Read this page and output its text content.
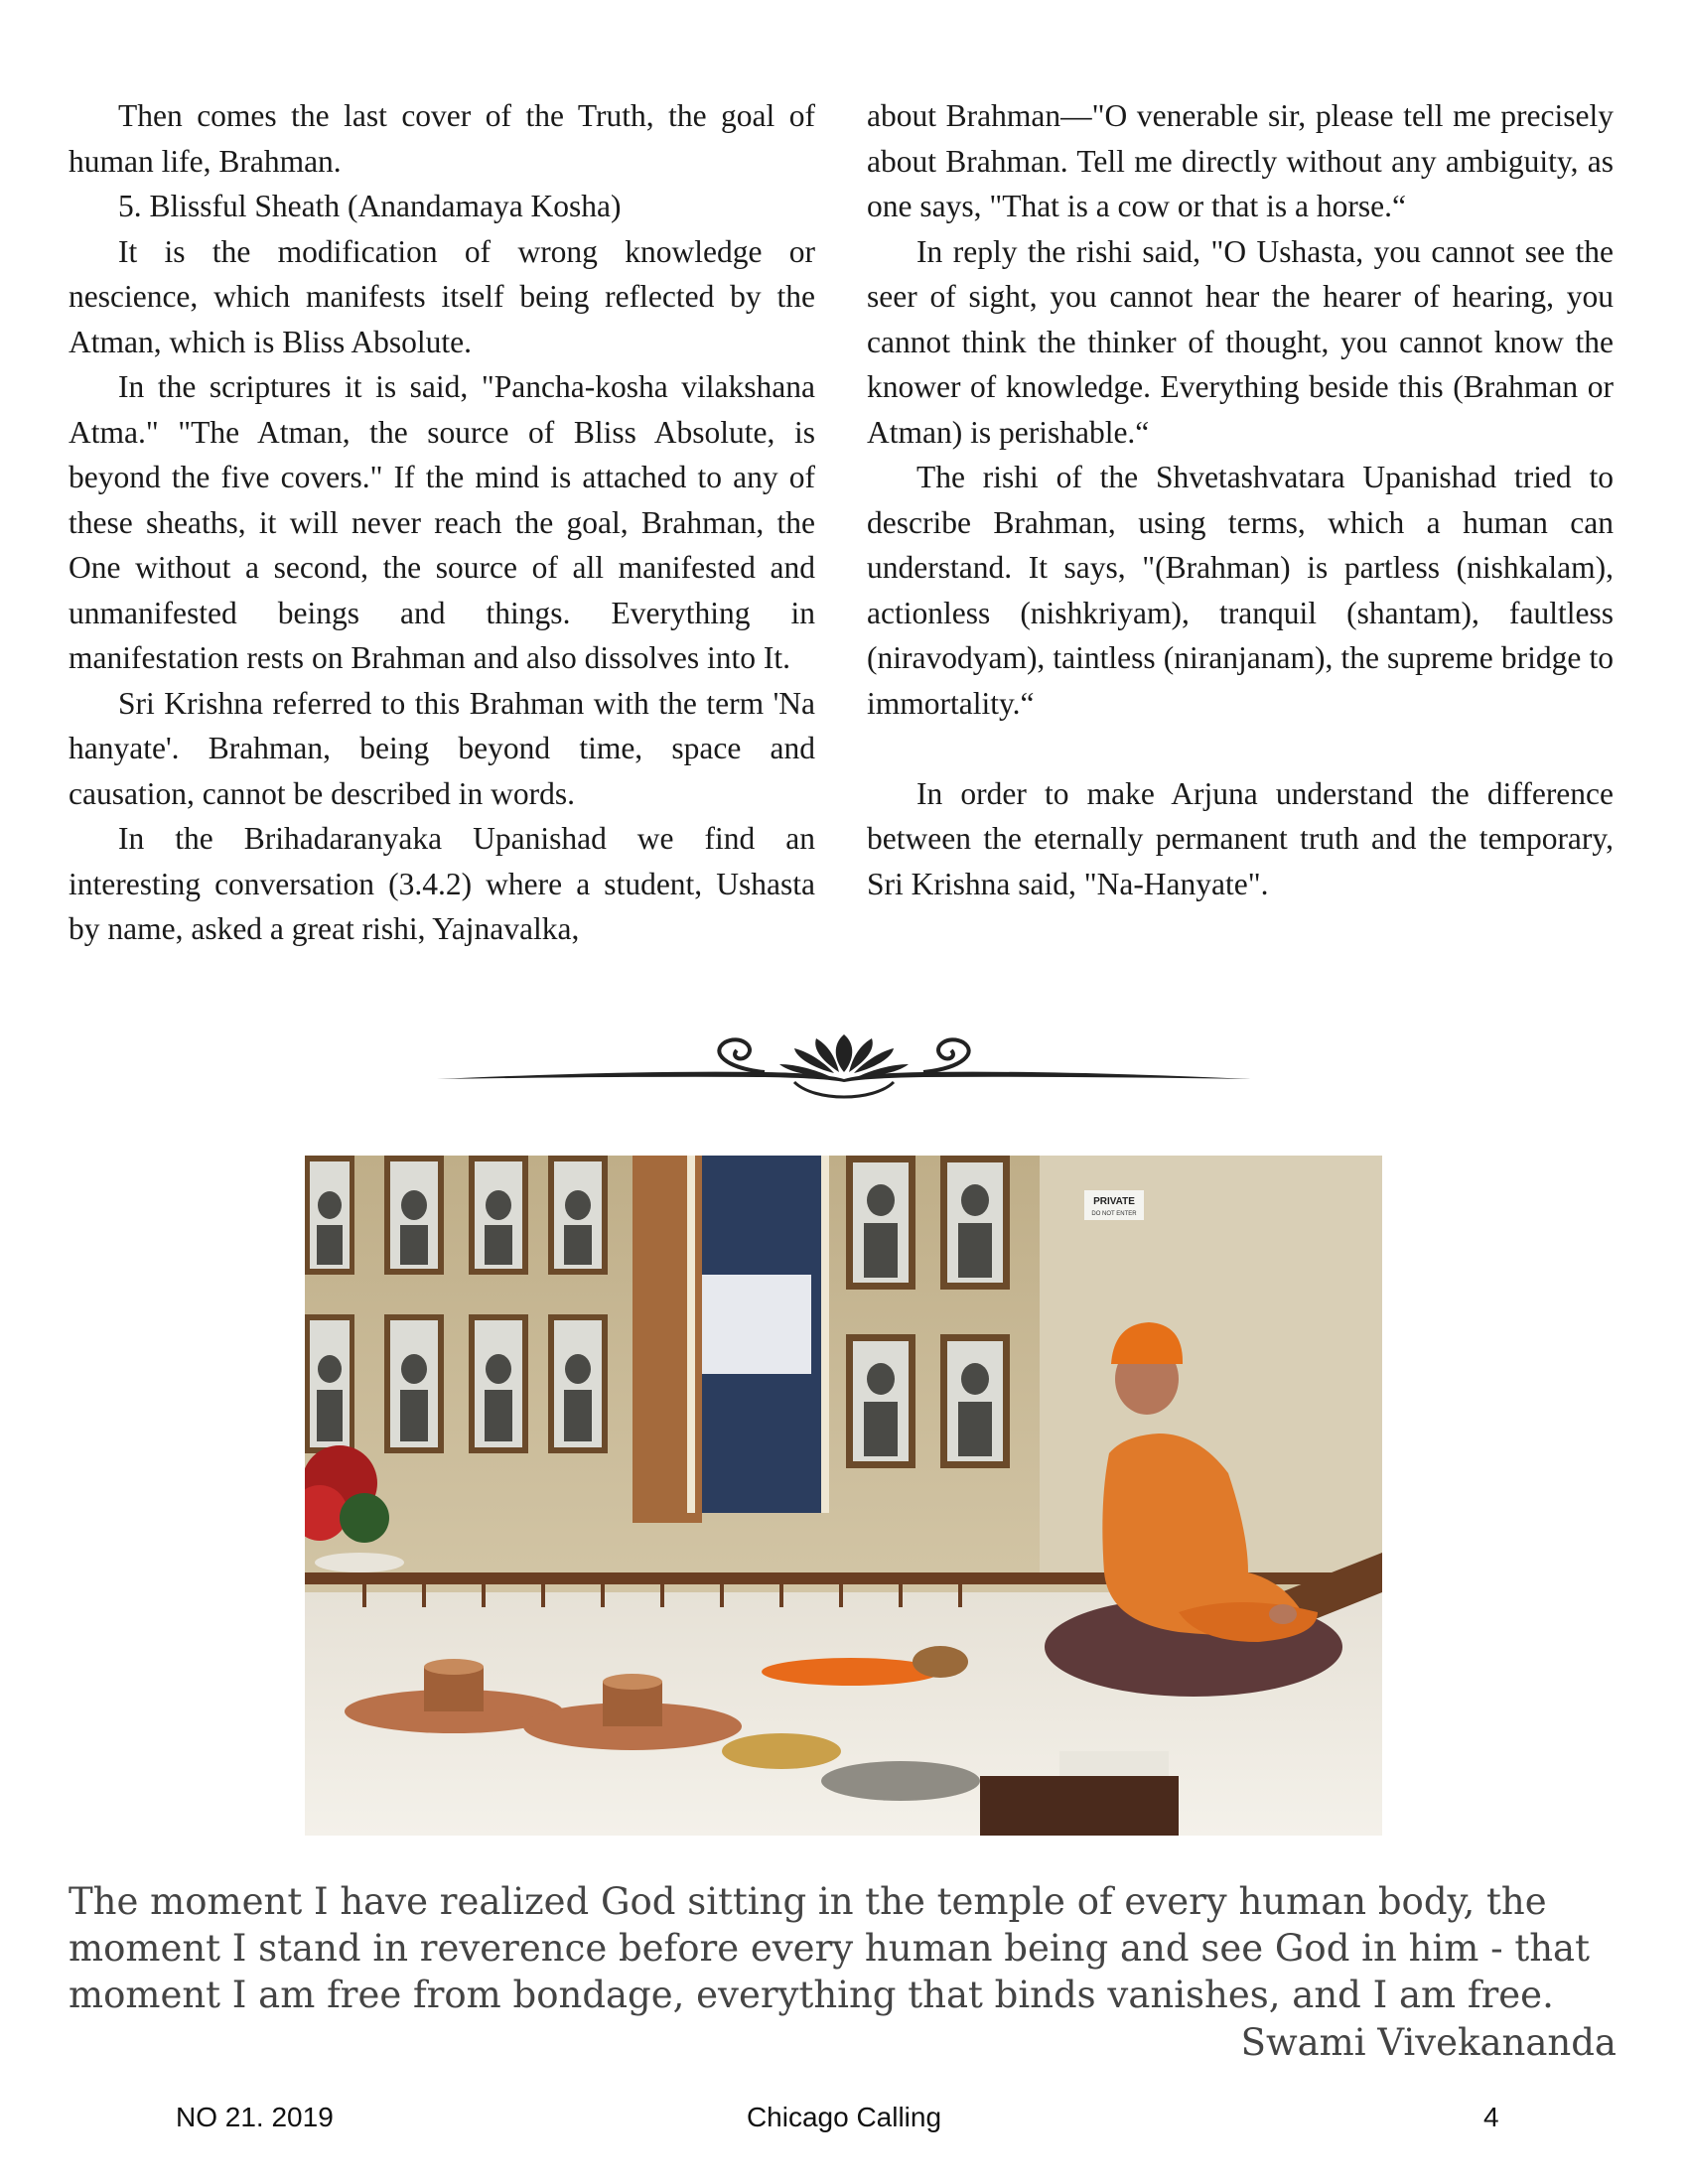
Then comes the last cover of the Truth, the goal of human life, Brahman.

5. Blissful Sheath (Anandamaya Kosha)

It is the modification of wrong knowledge or nescience, which manifests itself being reflected by the Atman, which is Bliss Absolute.

In the scriptures it is said, "Pancha-kosha vilakshana Atma." "The Atman, the source of Bliss Absolute, is beyond the five covers." If the mind is attached to any of these sheaths, it will never reach the goal, Brahman, the One without a second, the source of all manifested and unmanifested beings and things. Everything in manifestation rests on Brahman and also dissolves into It.

Sri Krishna referred to this Brahman with the term 'Na hanyate'. Brahman, being beyond time, space and causation, cannot be described in words.

In the Brihadaranyaka Upanishad we find an interesting conversation (3.4.2) where a student, Ushasta by name, asked a great rishi, Yajnavalka,

about Brahman—"O venerable sir, please tell me precisely about Brahman. Tell me directly without any ambiguity, as one says, "That is a cow or that is a horse.“

In reply the rishi said, "O Ushasta, you cannot see the seer of sight, you cannot hear the hearer of hearing, you cannot think the thinker of thought, you cannot know the knower of knowledge. Everything beside this (Brahman or Atman) is perishable.“

The rishi of the Shvetashvatara Upanishad tried to describe Brahman, using terms, which a human can understand. It says, "(Brahman) is partless (nishkalam), actionless (nishkriyam), tranquil (shantam), faultless (niravodyam), taintless (niranjanam), the supreme bridge to immortality.“

In order to make Arjuna understand the difference between the eternally permanent truth and the temporary, Sri Krishna said, "Na-Hanyate".

PRIVATE
DO NOT ENTER
The moment I have realized God sitting in the temple of every human body, the moment I stand in reverence before every human being and see God in him - that moment I am free from bondage, everything that binds vanishes, and I am free.
Swami Vivekananda
NO 21. 2019	Chicago Calling	4
